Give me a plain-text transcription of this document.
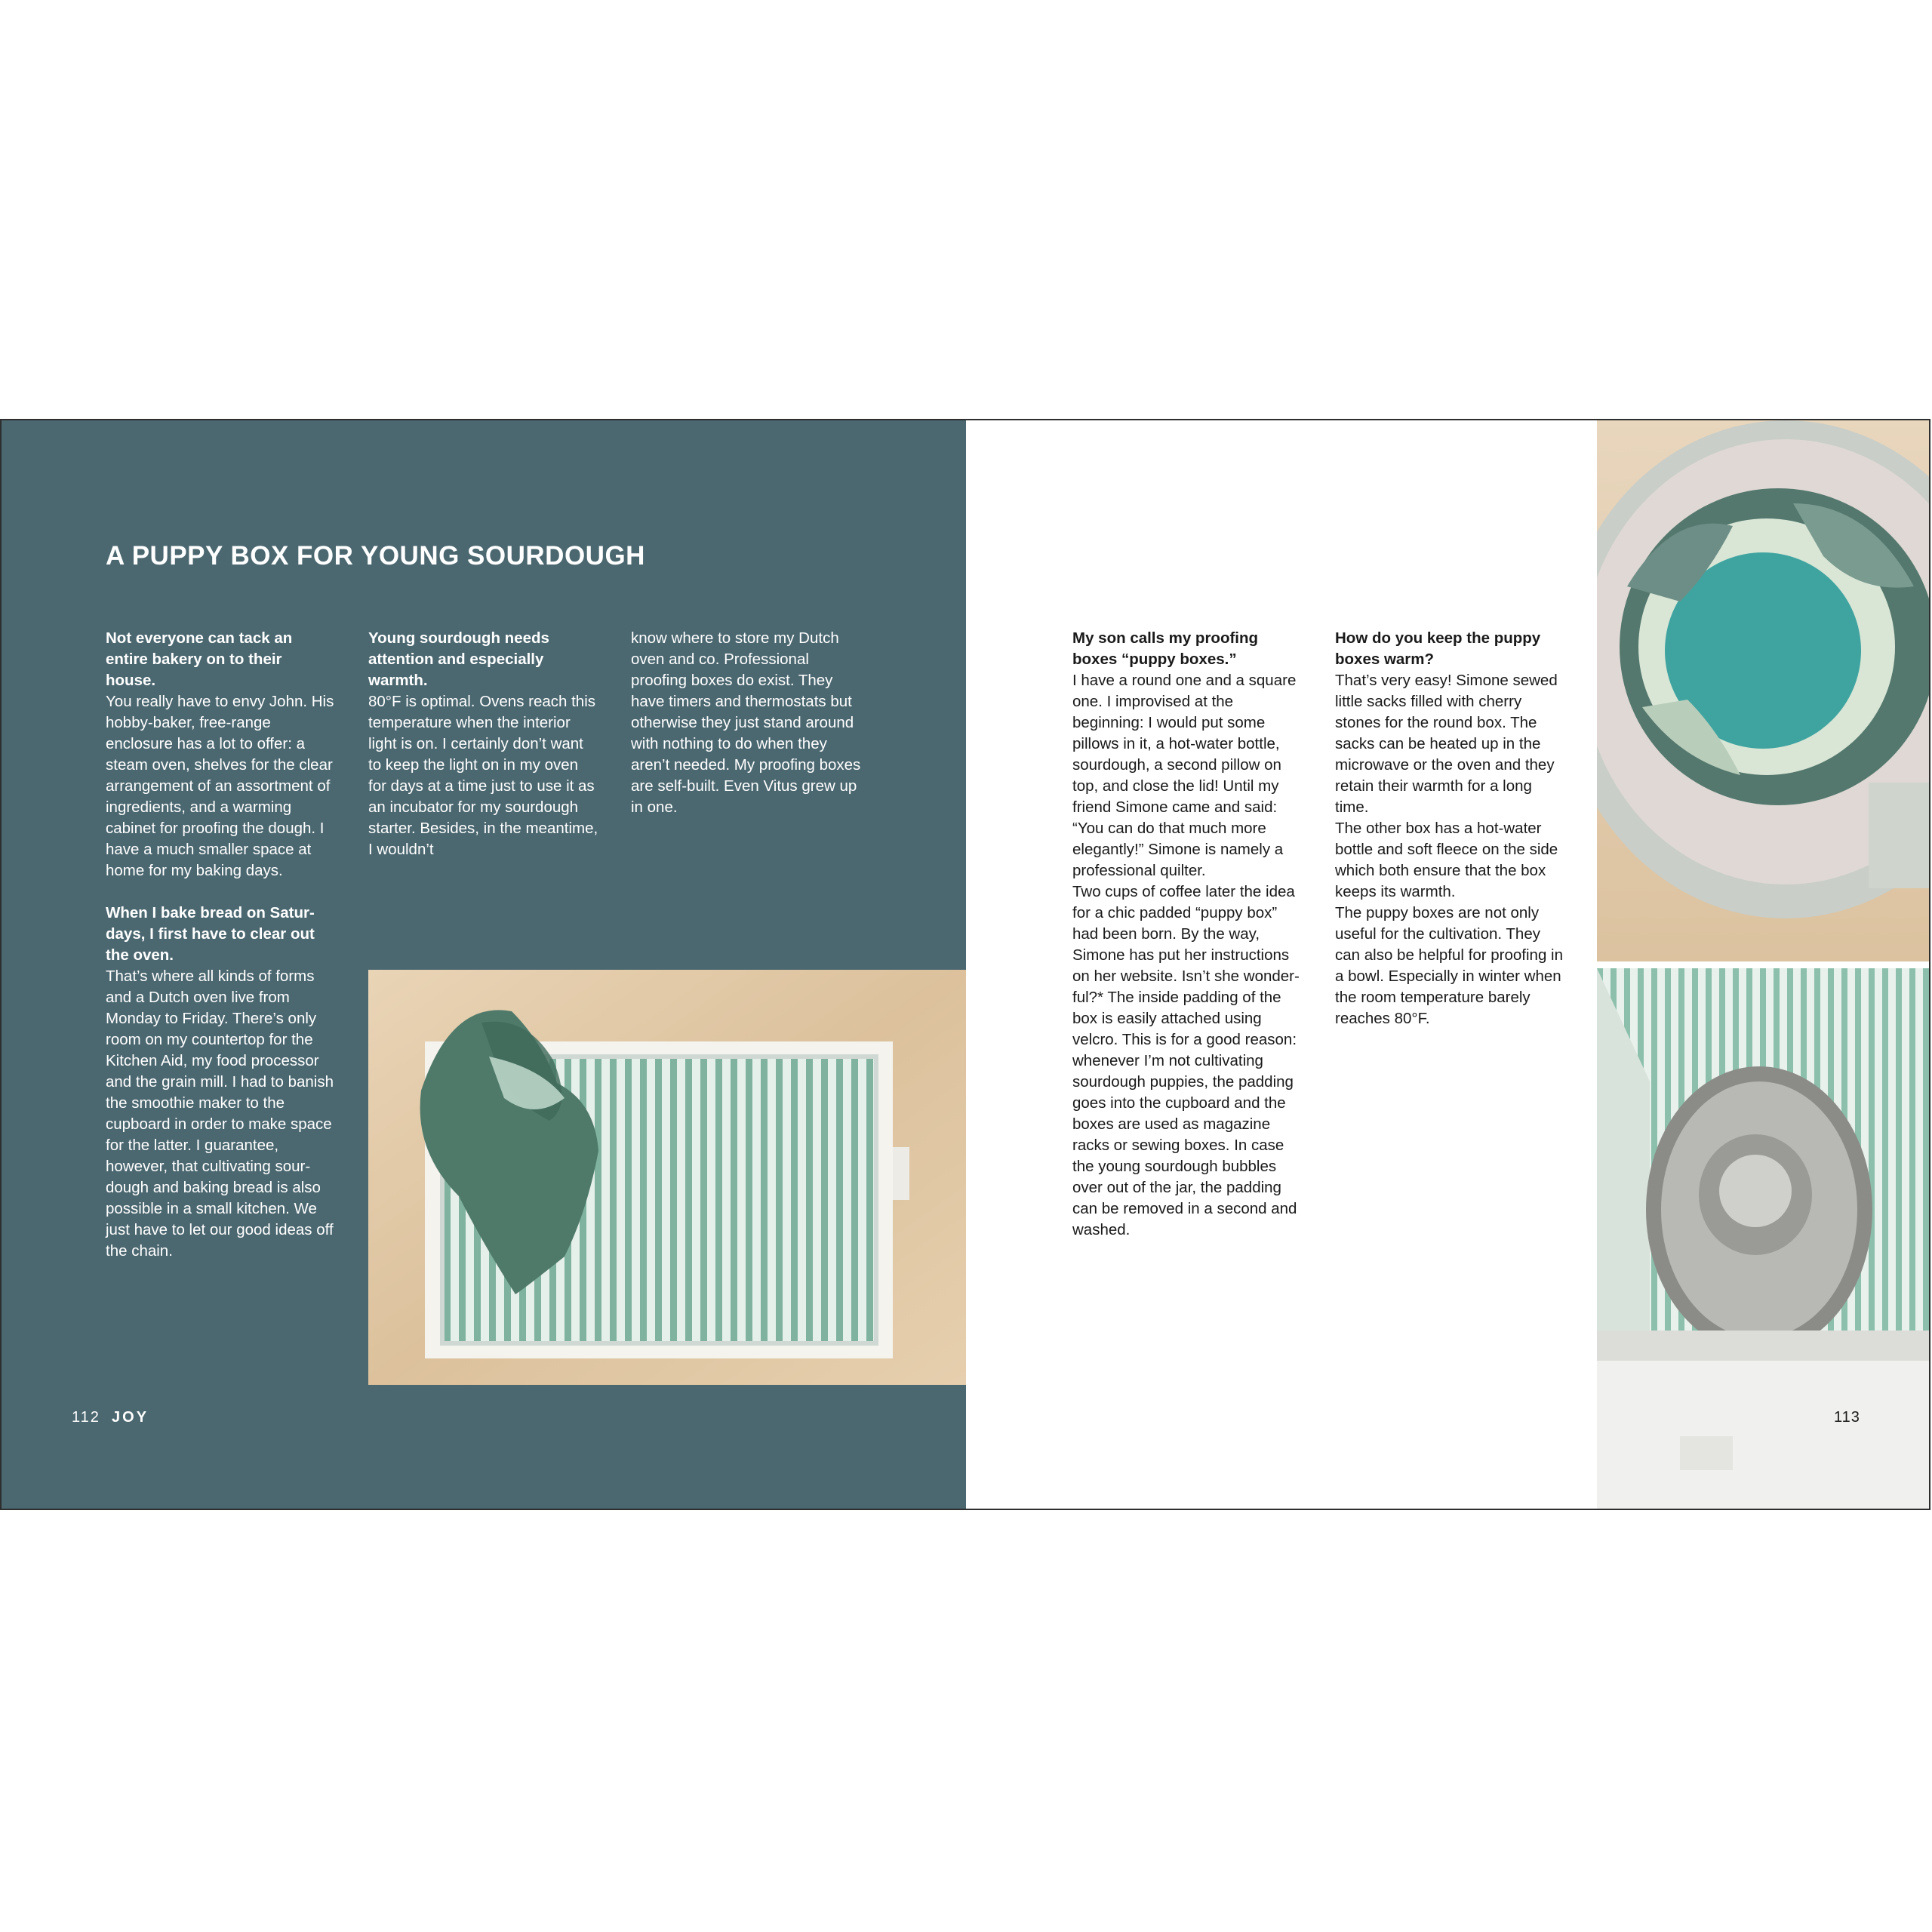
A PUPPY BOX FOR YOUNG SOURDOUGH

Not everyone can tack an entire bakery on to their house.

You really have to envy John. His hobby-baker, free-range enclosure has a lot to offer: a steam oven, shelves for the clear arrangement of an assortment of ingredients, and a warming cabinet for proofing the dough. I have a much smaller space at home for my baking days.

When I bake bread on Satur-days, I first have to clear out the oven.

That’s where all kinds of forms and a Dutch oven live from Monday to Friday. There’s only room on my countertop for the Kitchen Aid, my food processor and the grain mill. I had to banish the smoothie maker to the cupboard in order to make space for the latter. I guarantee, however, that cultivating sour-dough and baking bread is also possible in a small kitchen. We just have to let our good ideas off the chain.

Young sourdough needs attention and especially warmth.

80°F is optimal. Ovens reach this temperature when the interior light is on. I certainly don’t want to keep the light on in my oven for days at a time just to use it as an incubator for my sourdough starter. Besides, in the meantime, I wouldn’t

know where to store my Dutch oven and co. Professional proofing boxes do exist. They have timers and thermostats but otherwise they just stand around with nothing to do when they aren’t needed. My proofing boxes are self-built. Even Vitus grew up in one.

112 JOY

My son calls my proofing boxes “puppy boxes.”

I have a round one and a square one. I improvised at the beginning: I would put some pillows in it, a hot-water bottle, sourdough, a second pillow on top, and close the lid! Until my friend Simone came and said: “You can do that much more elegantly!” Simone is namely a professional quilter.

Two cups of coffee later the idea for a chic padded “puppy box” had been born. By the way, Simone has put her instructions on her website. Isn’t she wonder-ful?* The inside padding of the box is easily attached using velcro. This is for a good reason: whenever I’m not cultivating sourdough puppies, the padding goes into the cupboard and the boxes are used as magazine racks or sewing boxes. In case the young sourdough bubbles over out of the jar, the padding can be removed in a second and washed.

How do you keep the puppy boxes warm?

That’s very easy! Simone sewed little sacks filled with cherry stones for the round box. The sacks can be heated up in the microwave or the oven and they retain their warmth for a long time.

The other box has a hot-water bottle and soft fleece on the side which both ensure that the box keeps its warmth.

The puppy boxes are not only useful for the cultivation. They can also be helpful for proofing in a bowl. Especially in winter when the room temperature barely reaches 80°F.

113
